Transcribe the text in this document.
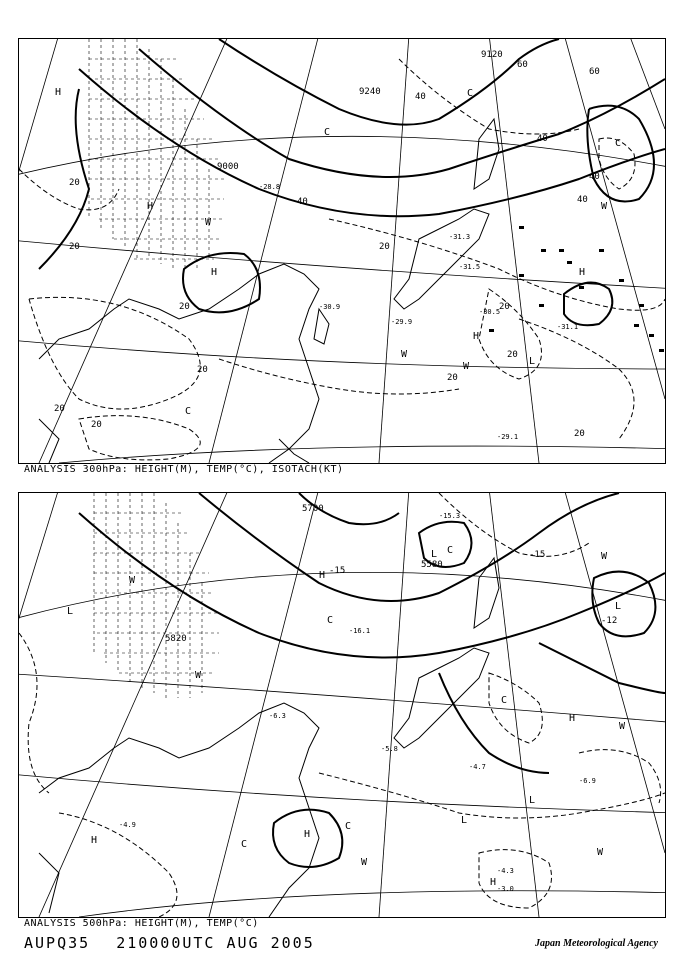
H
H
H
H
H
L
C
C
C
C
W
W
W
W
9120
9240
9000
20
20
20
20
20
20
20
20
20
20
20
40
40
40
40
40
60
60
-29.1
-30.9
-31.3
-28.8
-29.9
-31.1
-30.5
-31.5
ANALYSIS 300hPa: HEIGHT(M), TEMP(°C), ISOTACH(KT)
H
H
H
H
H
L
L
L
L
L
C
C
C
C
C
W
W
W
W
W
W
5700
5580
5820
-12
-15
-15
-4.9
-4.3
-3.0
-6.9
-4.7
-5.8
-6.3
-16.1
-15.3
ANALYSIS 500hPa: HEIGHT(M), TEMP(°C)
AUPQ35 210000UTC AUG 2005	Japan Meteorological Agency
